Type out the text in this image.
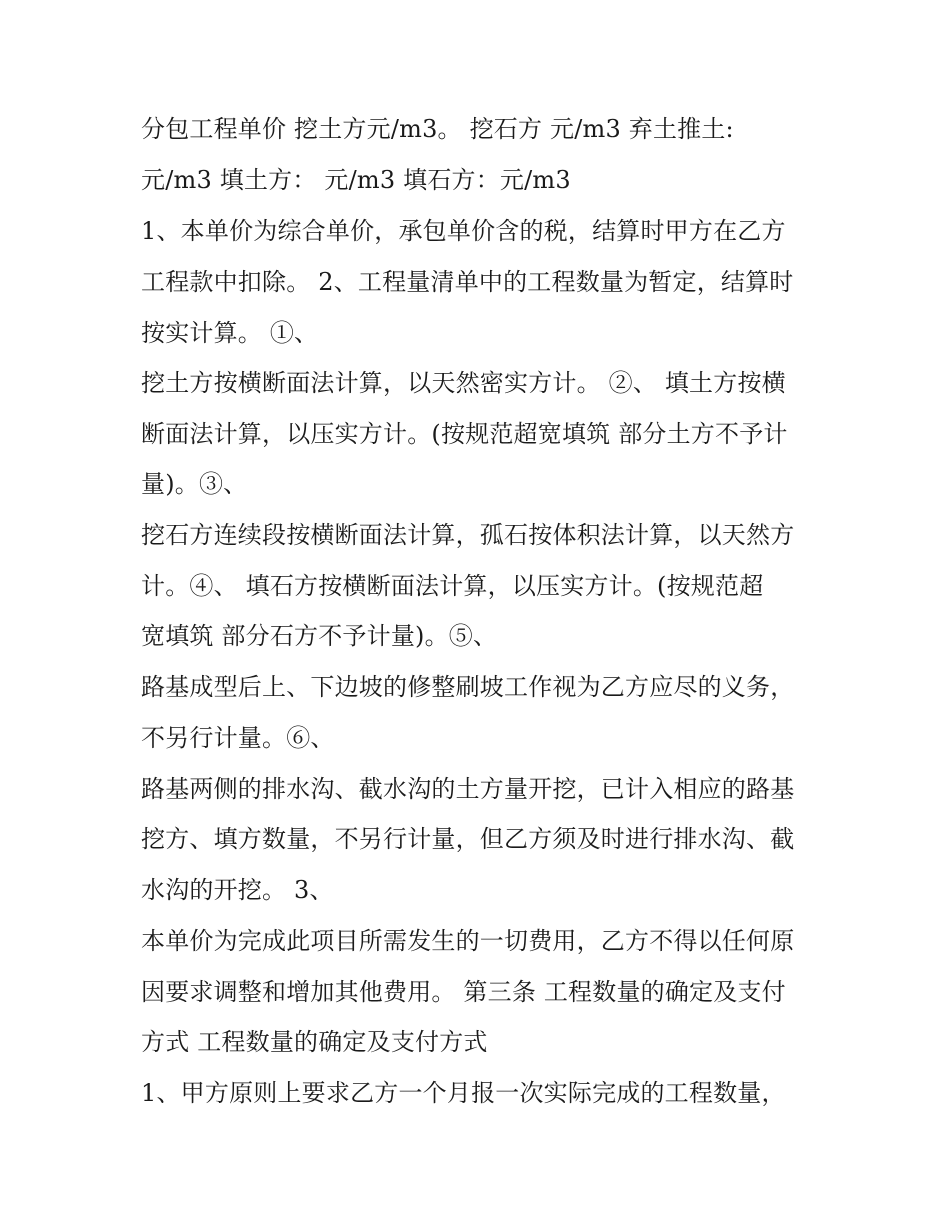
分包工程单价 挖土方元/m3。 挖石方 元/m3 弃土推土:
元/m3 填土方： 元/m3 填石方：元/m3
1、本单价为综合单价，承包单价含的税，结算时甲方在乙方
工程款中扣除。 2、工程量清单中的工程数量为暂定，结算时
按实计算。 ①、
挖土方按横断面法计算，以天然密实方计。 ②、 填土方按横
断面法计算，以压实方计。(按规范超宽填筑 部分土方不予计
量)。③、
挖石方连续段按横断面法计算，孤石按体积法计算，以天然方
计。④、 填石方按横断面法计算，以压实方计。(按规范超
宽填筑 部分石方不予计量)。⑤、
路基成型后上、下边坡的修整刷坡工作视为乙方应尽的义务，
不另行计量。⑥、
路基两侧的排水沟、截水沟的土方量开挖，已计入相应的路基
挖方、填方数量，不另行计量，但乙方须及时进行排水沟、截
水沟的开挖。 3、
本单价为完成此项目所需发生的一切费用，乙方不得以任何原
因要求调整和增加其他费用。 第三条 工程数量的确定及支付
方式 工程数量的确定及支付方式
1、甲方原则上要求乙方一个月报一次实际完成的工程数量，
